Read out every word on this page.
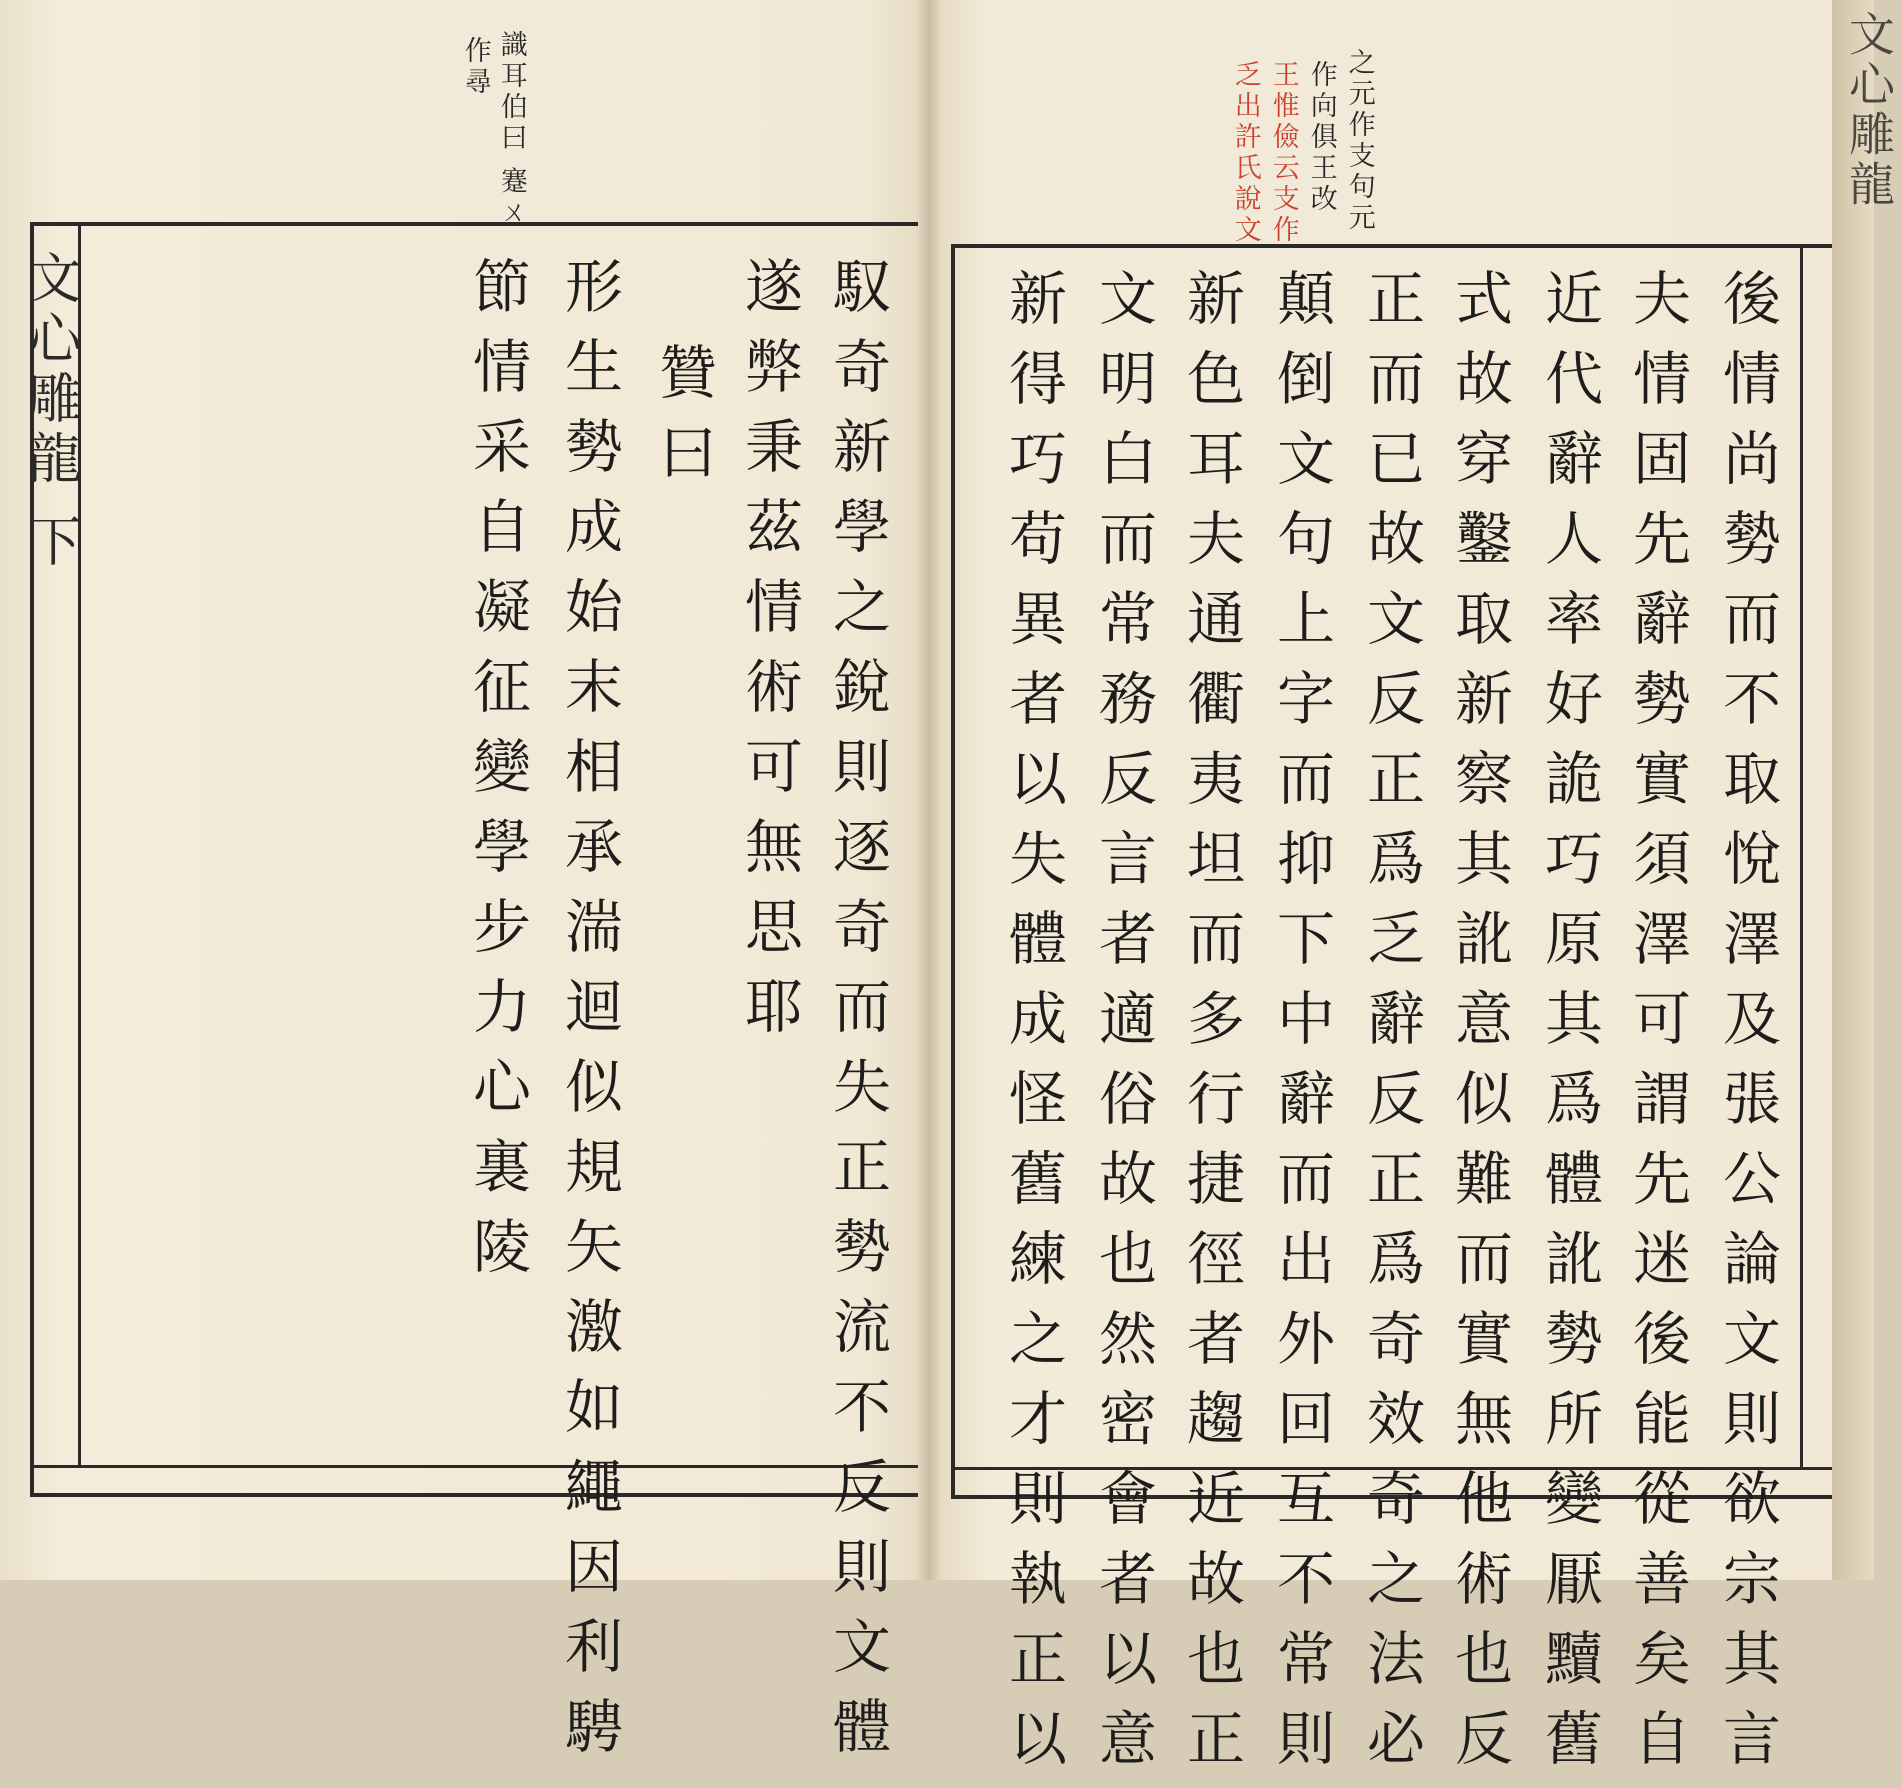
識耳伯曰 蹇ㄨ
作尋
文心雕龍 下	馭奇新學之銳則逐奇而失正勢流不反則文體
遂弊秉茲情術可無思耶
贊曰
形生勢成始末相承湍迴似規矢激如繩因利騁
節情采自凝征變學步力心裏陵
之元作支句元
作向俱王改
王惟儉云支作
乏出許氏說文
後情尚勢而不取悅澤及張公論文則欲宗其言
夫情固先辭勢實須澤可謂先迷後能從善矣自
近代辭人率好詭巧原其爲體訛勢所變厭黷舊
式故穿鑿取新察其訛意似難而實無他術也反
正而已故文反正爲乏辭反正爲奇效奇之法必
顛倒文句上字而抑下中辭而出外回互不常則
新色耳夫通衢夷坦而多行捷徑者趨近故也正
文明白而常務反言者適俗故也然密會者以意
新得巧苟異者以失體成怪舊練之才則執正以
文心雕龍
